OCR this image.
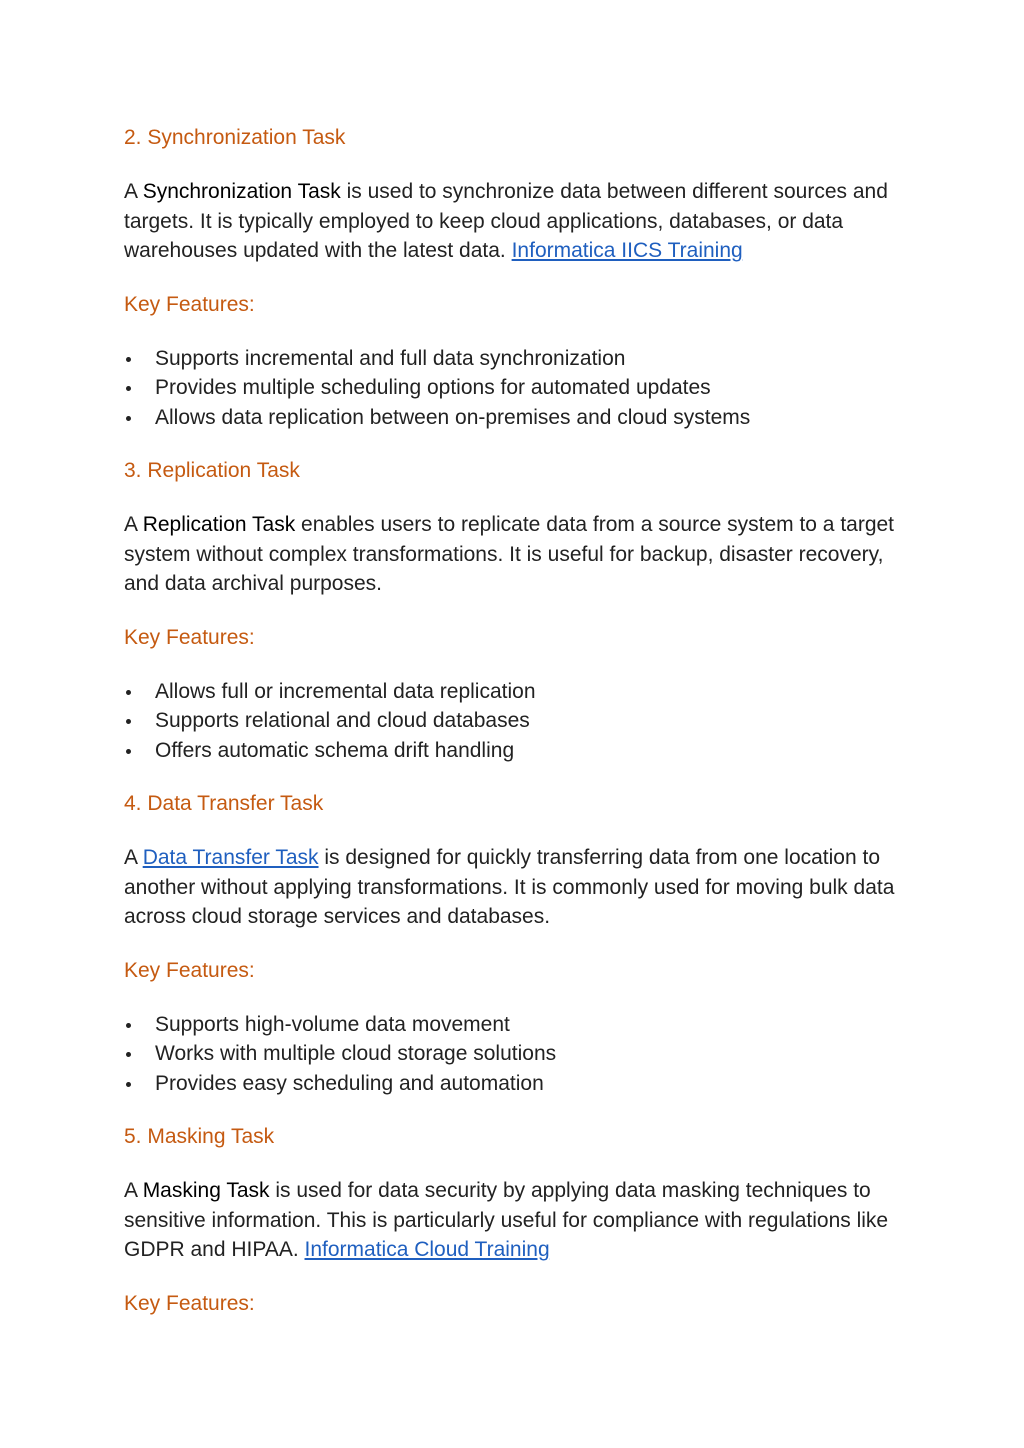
2. Synchronization Task

A Synchronization Task is used to synchronize data between different sources and targets. It is typically employed to keep cloud applications, databases, or data warehouses updated with the latest data. Informatica IICS Training

Key Features:

Supports incremental and full data synchronization
Provides multiple scheduling options for automated updates
Allows data replication between on-premises and cloud systems
3. Replication Task

A Replication Task enables users to replicate data from a source system to a target system without complex transformations. It is useful for backup, disaster recovery, and data archival purposes.

Key Features:

Allows full or incremental data replication
Supports relational and cloud databases
Offers automatic schema drift handling
4. Data Transfer Task

A Data Transfer Task is designed for quickly transferring data from one location to another without applying transformations. It is commonly used for moving bulk data across cloud storage services and databases.

Key Features:

Supports high-volume data movement
Works with multiple cloud storage solutions
Provides easy scheduling and automation
5. Masking Task

A Masking Task is used for data security by applying data masking techniques to sensitive information. This is particularly useful for compliance with regulations like GDPR and HIPAA. Informatica Cloud Training

Key Features:
